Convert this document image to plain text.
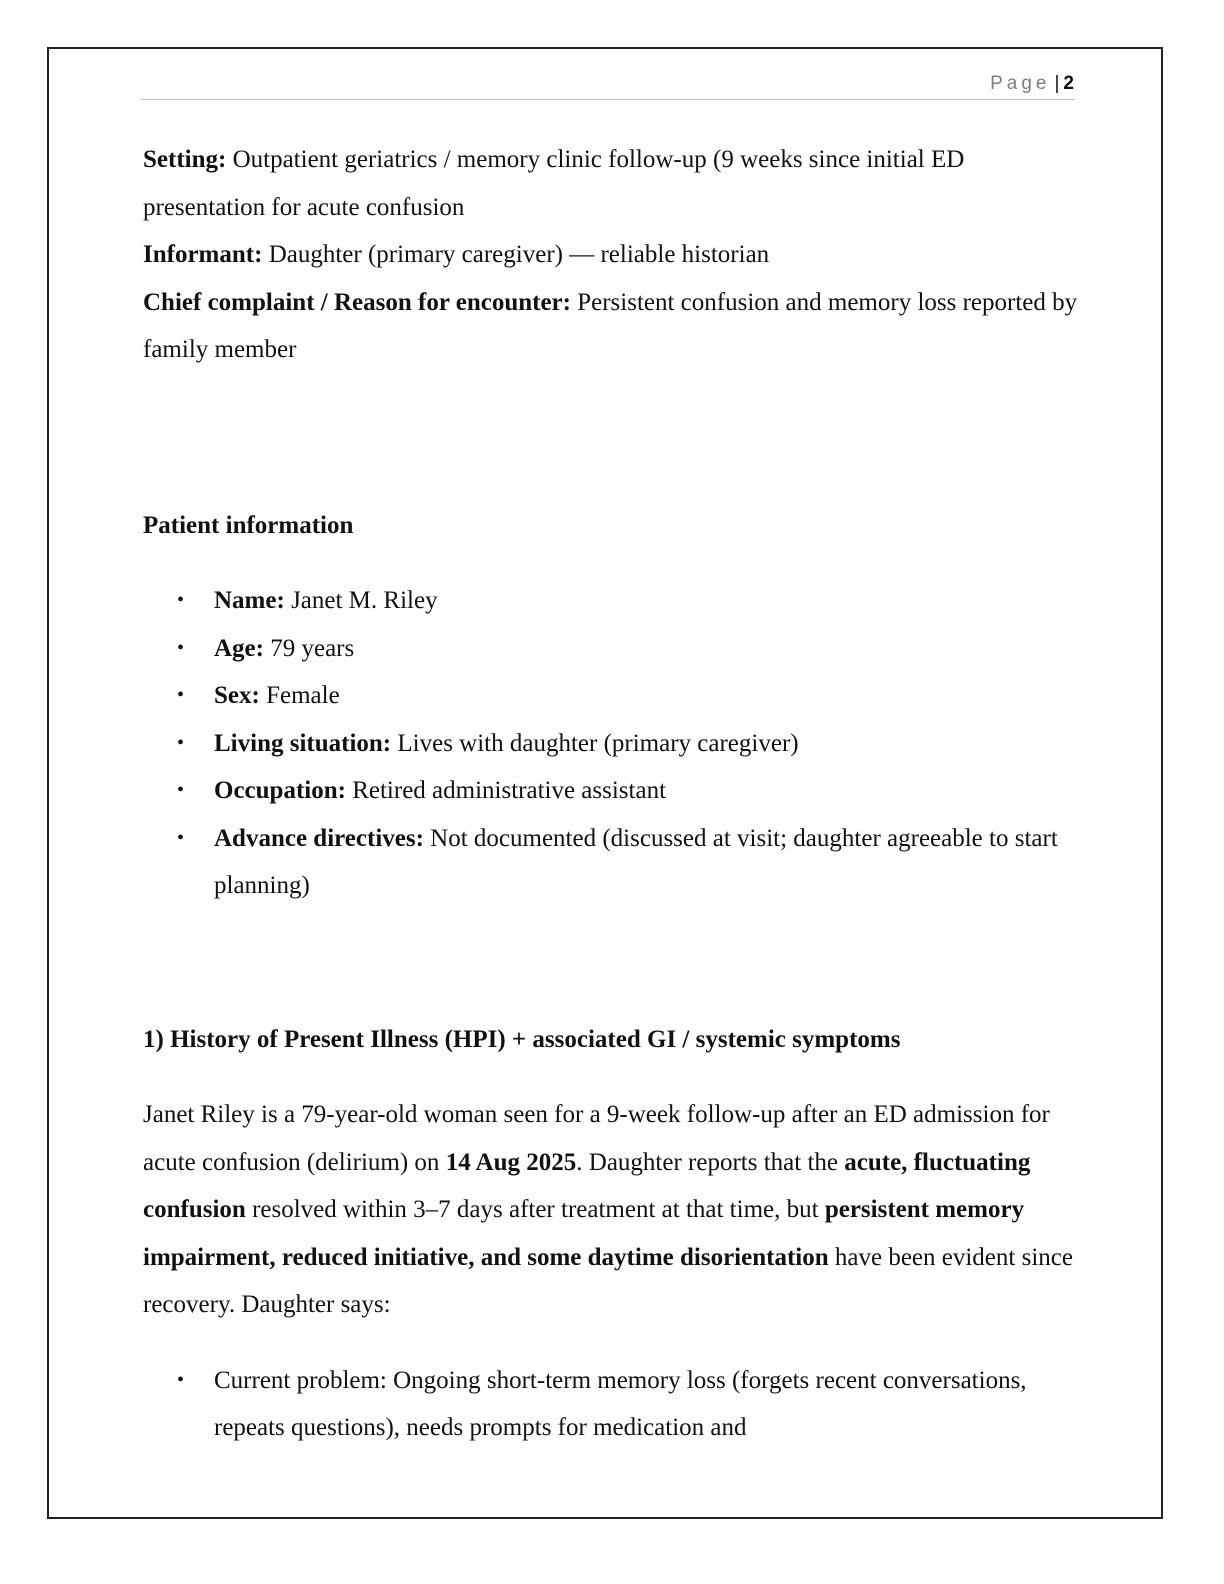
Page | 2

Setting: Outpatient geriatrics / memory clinic follow-up (9 weeks since initial ED presentation for acute confusion

Informant: Daughter (primary caregiver) — reliable historian

Chief complaint / Reason for encounter: Persistent confusion and memory loss reported by family member

Patient information

• Name: Janet M. Riley
• Age: 79 years
• Sex: Female
• Living situation: Lives with daughter (primary caregiver)
• Occupation: Retired administrative assistant
• Advance directives: Not documented (discussed at visit; daughter agreeable to start planning)

1) History of Present Illness (HPI) + associated GI / systemic symptoms

Janet Riley is a 79-year-old woman seen for a 9-week follow-up after an ED admission for acute confusion (delirium) on 14 Aug 2025. Daughter reports that the acute, fluctuating confusion resolved within 3–7 days after treatment at that time, but persistent memory impairment, reduced initiative, and some daytime disorientation have been evident since recovery. Daughter says:

• Current problem: Ongoing short-term memory loss (forgets recent conversations, repeats questions), needs prompts for medication and
